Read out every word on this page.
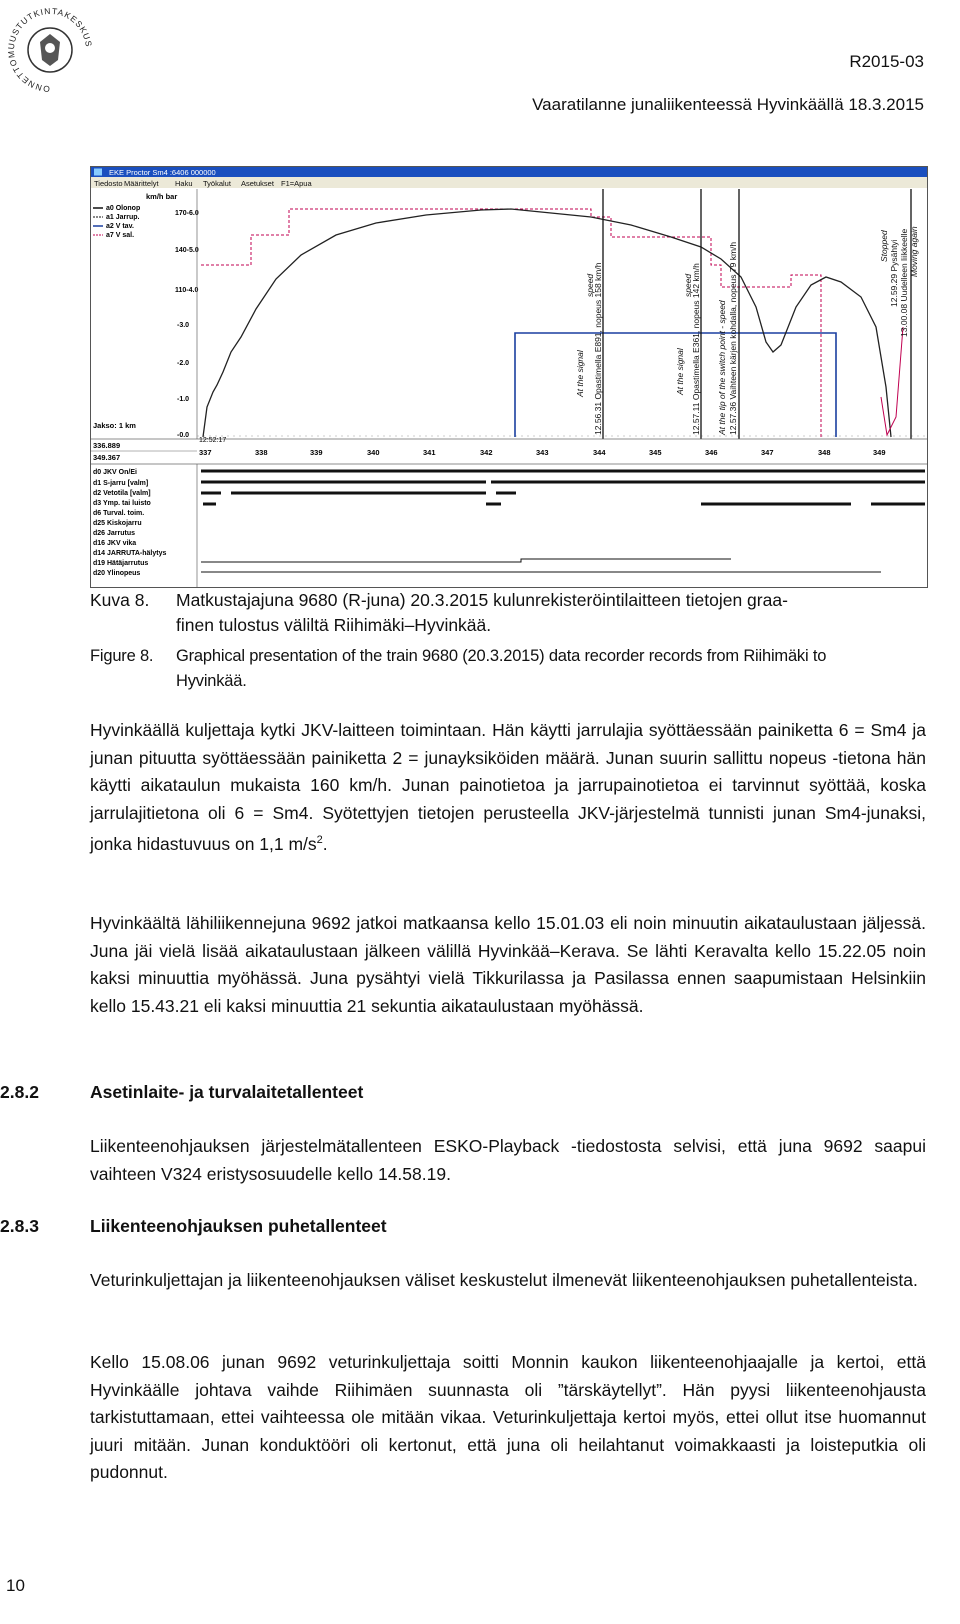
ONNETTOMUUSTUTKINTAKESKUS
R2015-03
Vaaratilanne junaliikenteessä Hyvinkäällä 18.3.2015
EKE Proctor Sm4 :6406 000000
Tiedosto Määrittelyt Haku Työkalut Asetukset F1=Apua
km/h bar
a0 Olonop
a1 Jarrup.
a2 V tav.
a7 V sal.
170-6.0
140-5.0
110-4.0
-3.0
-2.0
-1.0
-0.0
At the signal
speed
12.56.31 Opastimella E891, nopeus 158 km/h	At the signal
speed
12.57.11 Opastimella E361, nopeus 142 km/h At the tip of the switch point - speed 12.57.36 Vaihteen kärjen kohdalla, nopeus 79 km/h	Stopped 12.59.29 Pysähtyi 13.00.08 Uudelleen liikkeelle Moving again
Jakso: 1 km
336.889
349.367
12:52:17
337	338	339	340	341	342	343	344	345	346	347	348	349
d0 JKV On/Ei
d1 S-jarru [valm]
d2 Vetotila [valm]
d3 Ymp. tai luisto
d6 Turval. toim.
d25 Kiskojarru
d26 Jarrutus
d16 JKV vika
d14 JARRUTA-hälytys
d19 Hätäjarrutus
d20 Ylinopeus
Kuva 8. Matkustajajuna 9680 (R-juna) 20.3.2015 kulunrekisteröintilaitteen tietojen graa-
finen tulostus väliltä Riihimäki–Hyvinkää.
Figure 8. Graphical presentation of the train 9680 (20.3.2015) data recorder records from Riihimäki to
Hyvinkää.
Hyvinkäällä kuljettaja kytki JKV-laitteen toimintaan. Hän käytti jarrulajia syöttäessään painiketta 6 = Sm4 ja junan pituutta syöttäessään painiketta 2 = junayksiköiden määrä. Junan suurin sallittu nopeus -tietona hän käytti aikataulun mukaista 160 km/h. Junan painotietoa ja jarrupainotietoa ei tarvinnut syöttää, koska jarrulajitietona oli 6 = Sm4. Syötettyjen tietojen perusteella JKV-järjestelmä tunnisti junan Sm4-junaksi, jonka hidastuvuus on 1,1 $m/s^2$.
Hyvinkäältä lähiliikennejuna 9692 jatkoi matkaansa kello 15.01.03 eli noin minuutin aikataulustaan jäljessä. Juna jäi vielä lisää aikataulustaan jälkeen välillä Hyvinkää–Kerava. Se lähti Keravalta kello 15.22.05 noin kaksi minuuttia myöhässä. Juna pysähtyi vielä Tikkurilassa ja Pasilassa ennen saapumistaan Helsinkiin kello 15.43.21 eli kaksi minuuttia 21 sekuntia aikataulustaan myöhässä.
2.8.2	Asetinlaite- ja turvalaitetallenteet
Liikenteenohjauksen järjestelmätallenteen ESKO-Playback -tiedostosta selvisi, että juna 9692 saapui vaihteen V324 eristysosuudelle kello 14.58.19.
2.8.3	Liikenteenohjauksen puhetallenteet
Veturinkuljettajan ja liikenteenohjauksen väliset keskustelut ilmenevät liikenteenohjauksen puhetallenteista.
Kello 15.08.06 junan 9692 veturinkuljettaja soitti Monnin kaukon liikenteenohjaajalle ja kertoi, että Hyvinkäälle johtava vaihde Riihimäen suunnasta oli ”tärskäytellyt”. Hän pyysi liikenteenohjausta tarkistuttamaan, ettei vaihteessa ole mitään vikaa. Veturinkuljettaja kertoi myös, ettei ollut itse huomannut juuri mitään. Junan konduktööri oli kertonut, että juna oli heilahtanut voimakkaasti ja loisteputkia oli pudonnut.
10
